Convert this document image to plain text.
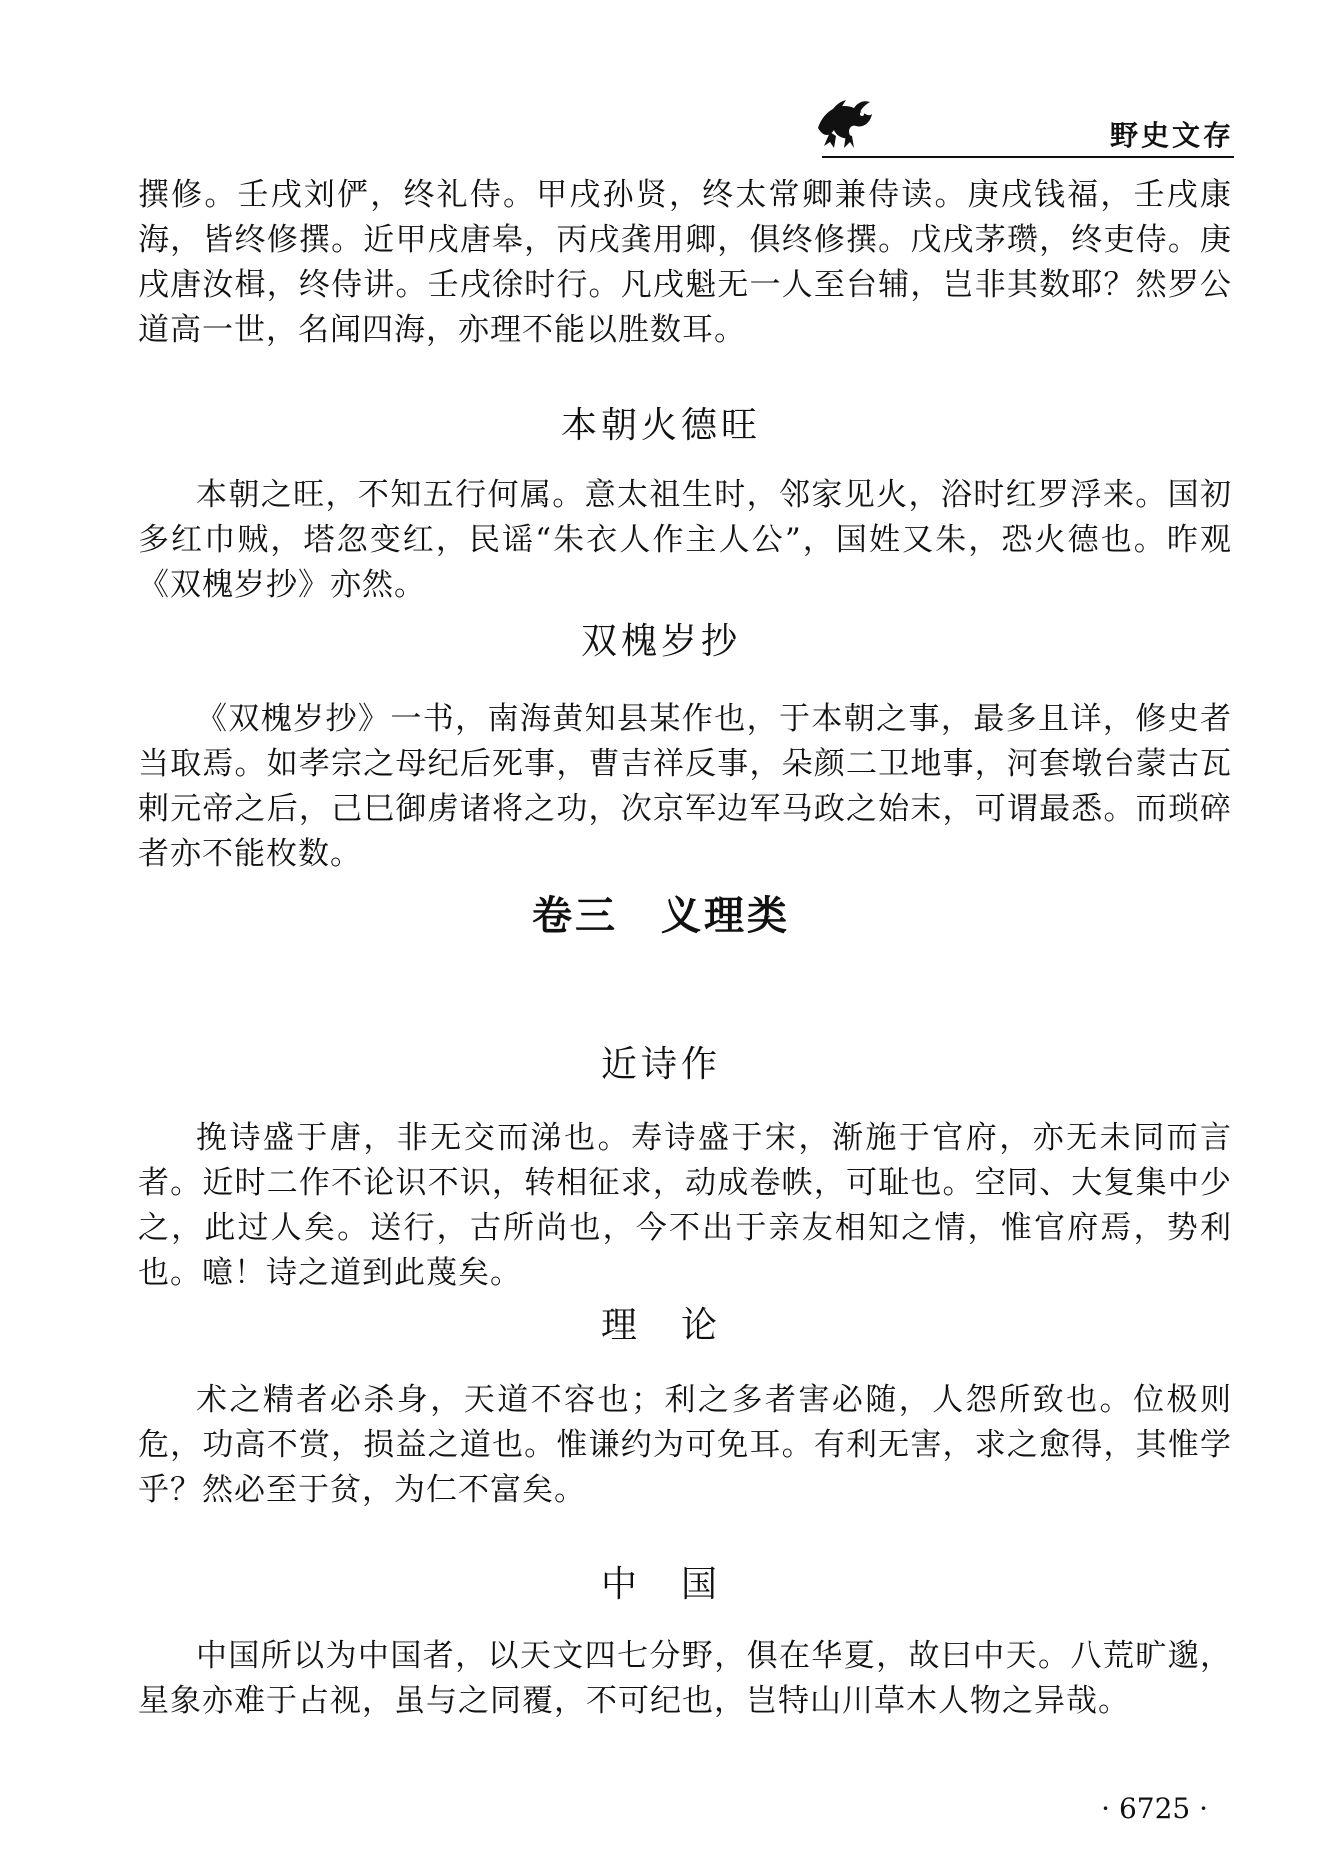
野史文存

撰修。壬戌刘俨，终礼侍。甲戌孙贤，终太常卿兼侍读。庚戌钱福，壬戌康海，皆终修撰。近甲戌唐皋，丙戌龚用卿，俱终修撰。戊戌茅瓒，终吏侍。庚戌唐汝楫，终侍讲。壬戌徐时行。凡戌魁无一人至台辅，岂非其数耶？然罗公道高一世，名闻四海，亦理不能以胜数耳。

本朝火德旺

本朝之旺，不知五行何属。意太祖生时，邻家见火，浴时红罗浮来。国初多红巾贼，塔忽变红，民谣“朱衣人作主人公”，国姓又朱，恐火德也。昨观《双槐岁抄》亦然。

双槐岁抄

《双槐岁抄》一书，南海黄知县某作也，于本朝之事，最多且详，修史者当取焉。如孝宗之母纪后死事，曹吉祥反事，朵颜二卫地事，河套墩台蒙古瓦剌元帝之后，己巳御虏诸将之功，次京军边军马政之始末，可谓最悉。而琐碎者亦不能枚数。

卷三　义理类
近诗作

挽诗盛于唐，非无交而涕也。寿诗盛于宋，渐施于官府，亦无未同而言者。近时二作不论识不识，转相征求，动成卷帙，可耻也。空同、大复集中少之，此过人矣。送行，古所尚也，今不出于亲友相知之情，惟官府焉，势利也。噫！诗之道到此蔑矣。

理　论

术之精者必杀身，天道不容也；利之多者害必随，人怨所致也。位极则危，功高不赏，损益之道也。惟谦约为可免耳。有利无害，求之愈得，其惟学乎？然必至于贫，为仁不富矣。

中　国

中国所以为中国者，以天文四七分野，俱在华夏，故曰中天。八荒旷邈，星象亦难于占视，虽与之同覆，不可纪也，岂特山川草木人物之异哉。

· 6725 ·
